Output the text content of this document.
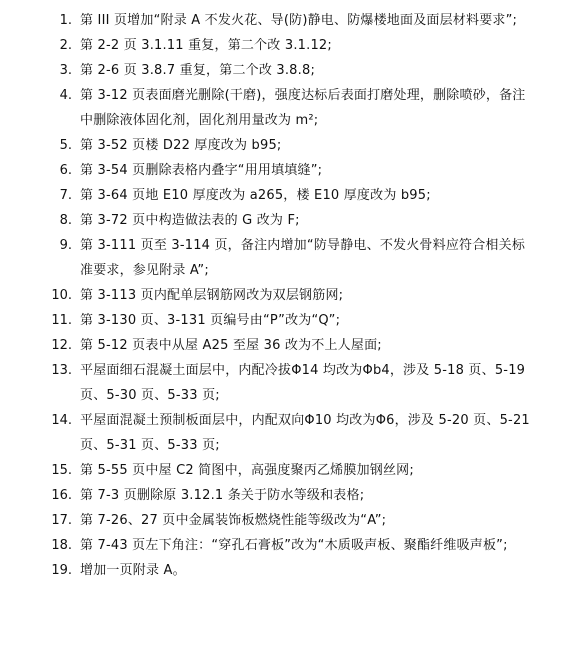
1. 第 III 页增加“附录 A 不发火花、导(防)静电、防爆楼地面及面层材料要求”;
2. 第 2-2 页 3.1.11 重复，第二个改 3.1.12;
3. 第 2-6 页 3.8.7 重复，第二个改 3.8.8;
4. 第 3-12 页表面磨光删除(干磨)，强度达标后表面打磨处理，删除喷砂，备注中删除液体固化剂，固化剂用量改为 m²;
5. 第 3-52 页楼 D22 厚度改为 b95;
6. 第 3-54 页删除表格内叠字“用用填填缝”;
7. 第 3-64 页地 E10 厚度改为 a265，楼 E10 厚度改为 b95;
8. 第 3-72 页中构造做法表的 G 改为 F;
9. 第 3-111 页至 3-114 页，备注内增加“防导静电、不发火骨料应符合相关标准要求，参见附录 A”;
10. 第 3-113 页内配单层钢筋网改为双层钢筋网;
11. 第 3-130 页、3-131 页编号由“P”改为“Q”;
12. 第 5-12 页表中从屋 A25 至屋 36 改为不上人屋面;
13. 平屋面细石混凝土面层中，内配冷拔Φ14 均改为Φb4，涉及 5-18 页、5-19 页、5-30 页、5-33 页;
14. 平屋面混凝土预制板面层中，内配双向Φ10 均改为Φ6，涉及 5-20 页、5-21 页、5-31 页、5-33 页;
15. 第 5-55 页中屋 C2 简图中，高强度聚丙乙烯膜加钢丝网;
16. 第 7-3 页删除原 3.12.1 条关于防水等级和表格;
17. 第 7-26、27 页中金属装饰板燃烧性能等级改为“A”;
18. 第 7-43 页左下角注：“穿孔石膏板”改为“木质吸声板、聚酯纤维吸声板”;
19. 增加一页附录 A。
